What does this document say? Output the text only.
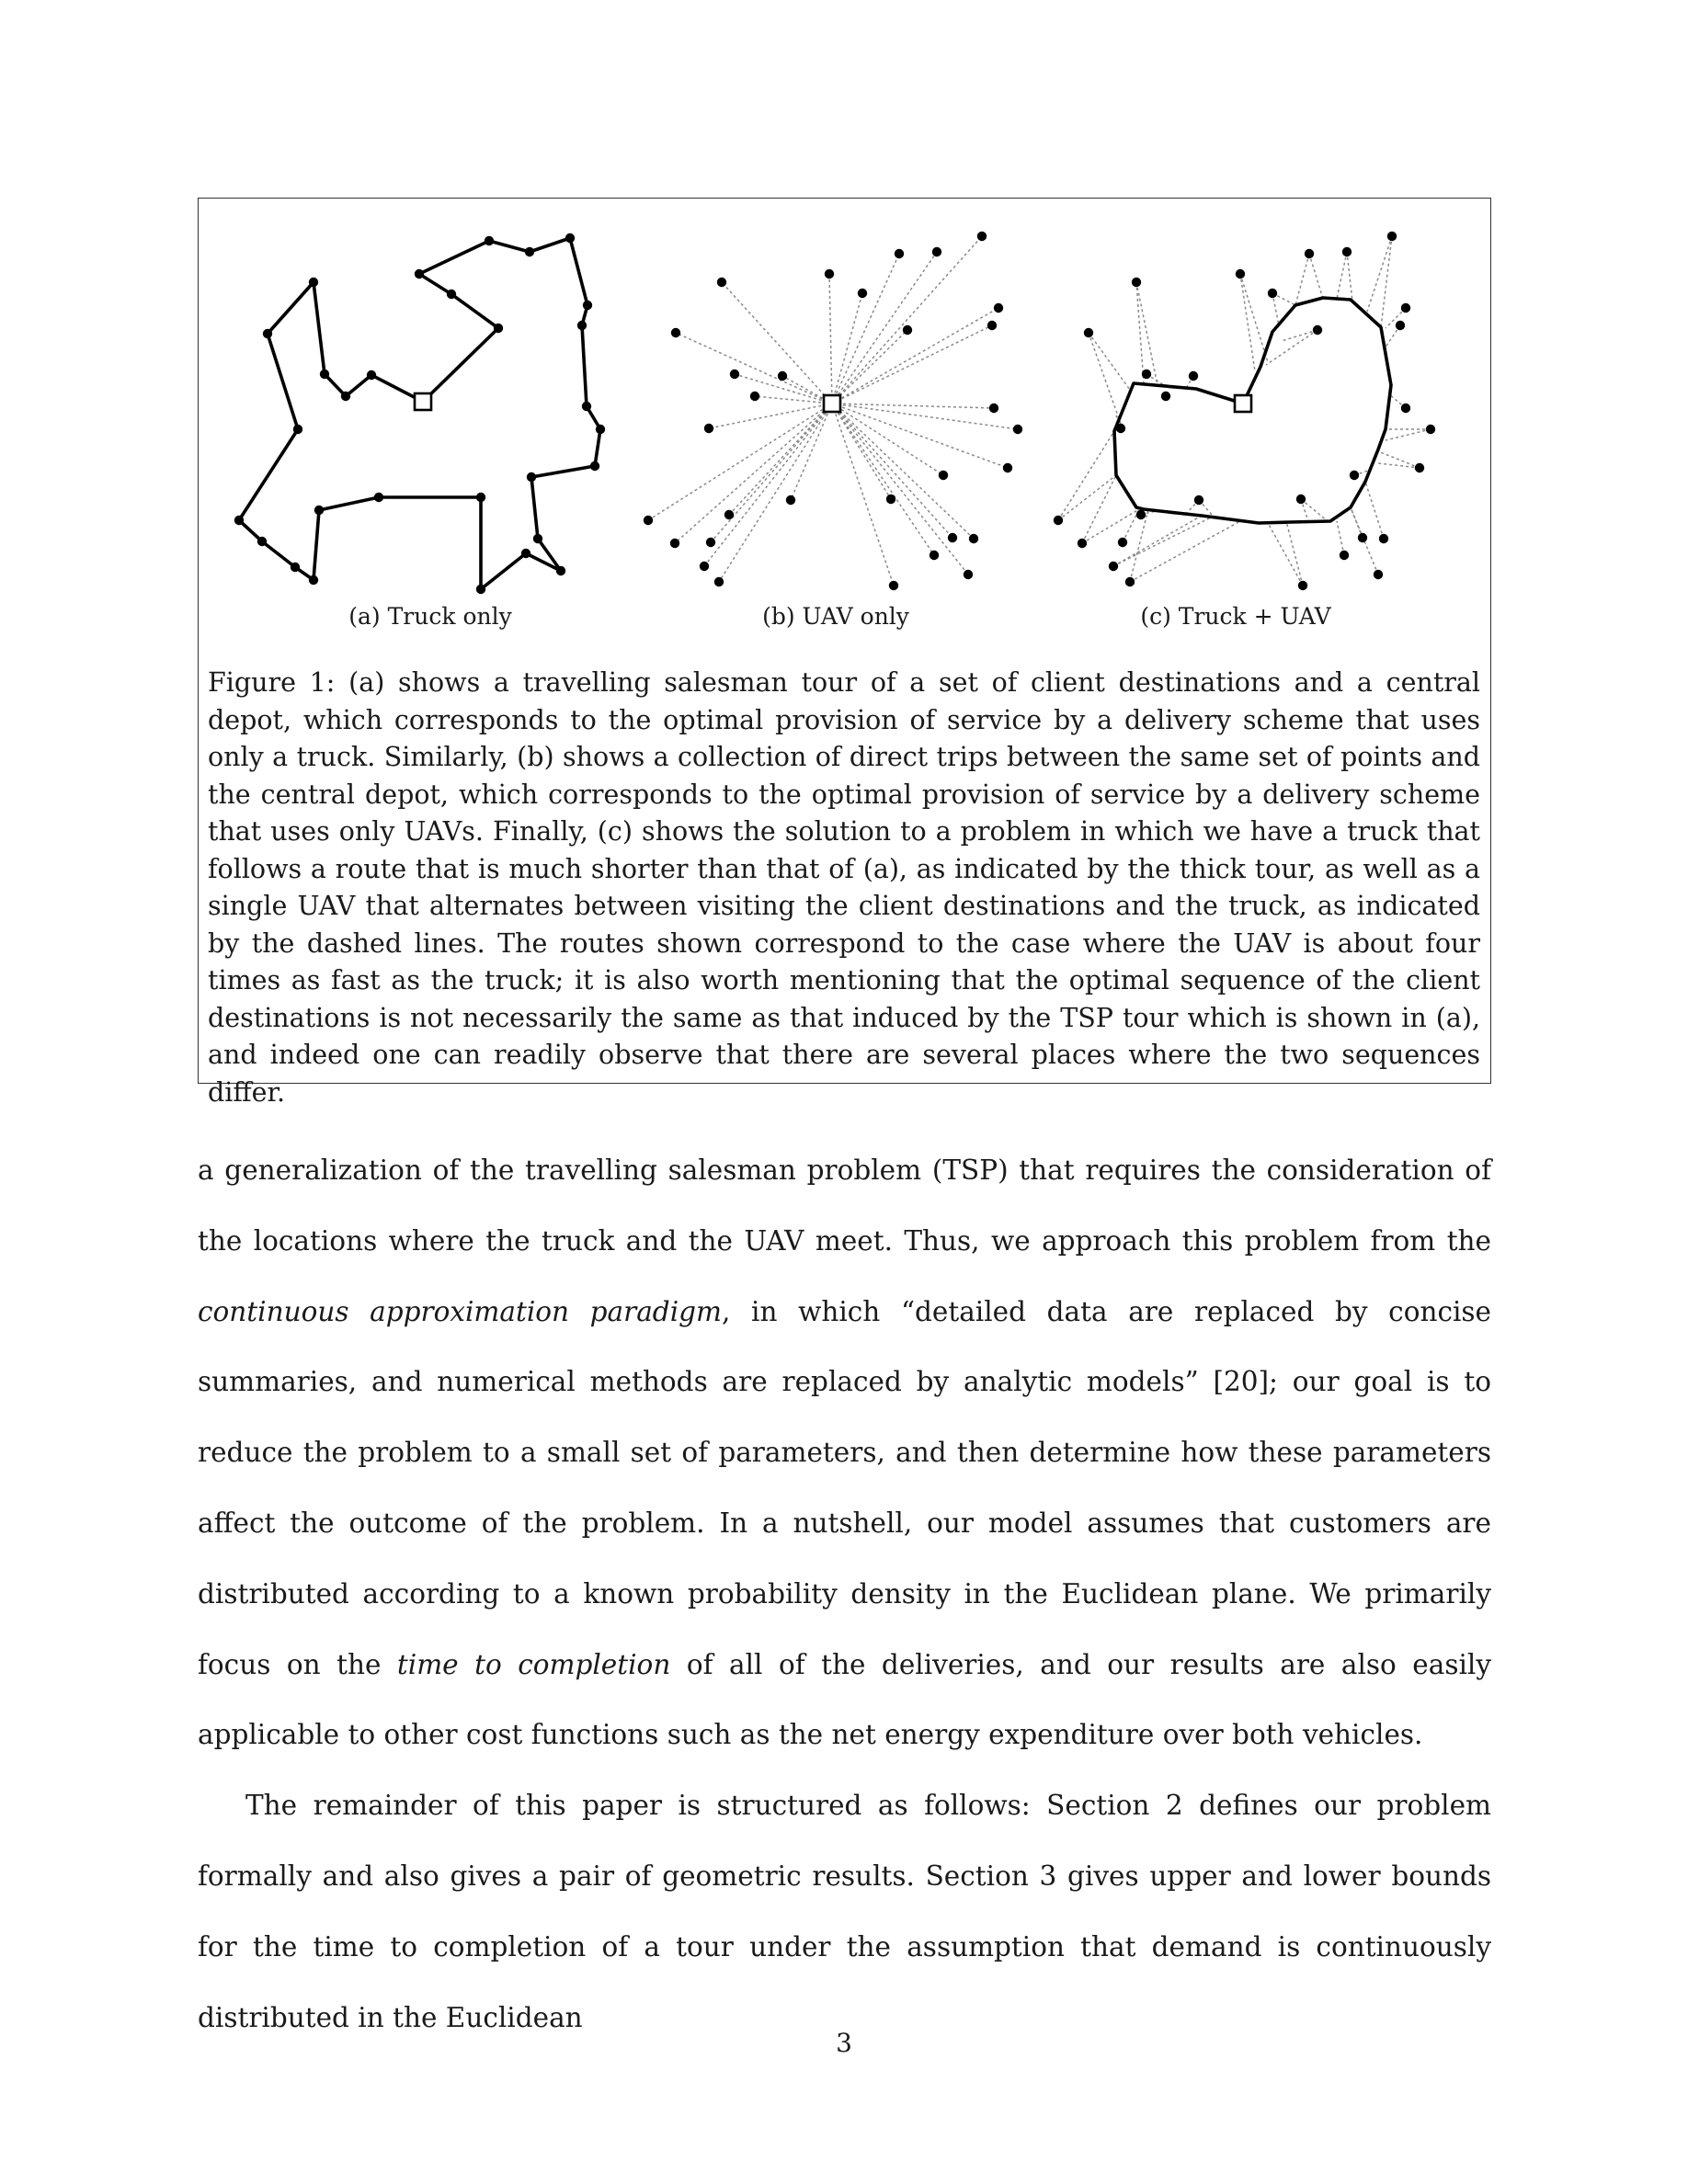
(a) Truck only	(b) UAV only	(c) Truck + UAV
Figure 1: (a) shows a travelling salesman tour of a set of client destinations and a central depot, which corresponds to the optimal provision of service by a delivery scheme that uses only a truck. Similarly, (b) shows a collection of direct trips between the same set of points and the central depot, which corresponds to the optimal provision of service by a delivery scheme that uses only UAVs. Finally, (c) shows the solution to a problem in which we have a truck that follows a route that is much shorter than that of (a), as indicated by the thick tour, as well as a single UAV that alternates between visiting the client destinations and the truck, as indicated by the dashed lines. The routes shown correspond to the case where the UAV is about four times as fast as the truck; it is also worth mentioning that the optimal sequence of the client destinations is not necessarily the same as that induced by the TSP tour which is shown in (a), and indeed one can readily observe that there are several places where the two sequences differ.

a generalization of the travelling salesman problem (TSP) that requires the consideration of the locations where the truck and the UAV meet. Thus, we approach this problem from the continuous approximation paradigm, in which “detailed data are replaced by concise summaries, and numerical methods are replaced by analytic models” [20]; our goal is to reduce the problem to a small set of parameters, and then determine how these parameters affect the outcome of the problem. In a nutshell, our model assumes that customers are distributed according to a known probability density in the Euclidean plane. We primarily focus on the time to completion of all of the deliveries, and our results are also easily applicable to other cost functions such as the net energy expenditure over both vehicles.

The remainder of this paper is structured as follows: Section 2 defines our problem formally and also gives a pair of geometric results. Section 3 gives upper and lower bounds for the time to completion of a tour under the assumption that demand is continuously distributed in the Euclidean

3
